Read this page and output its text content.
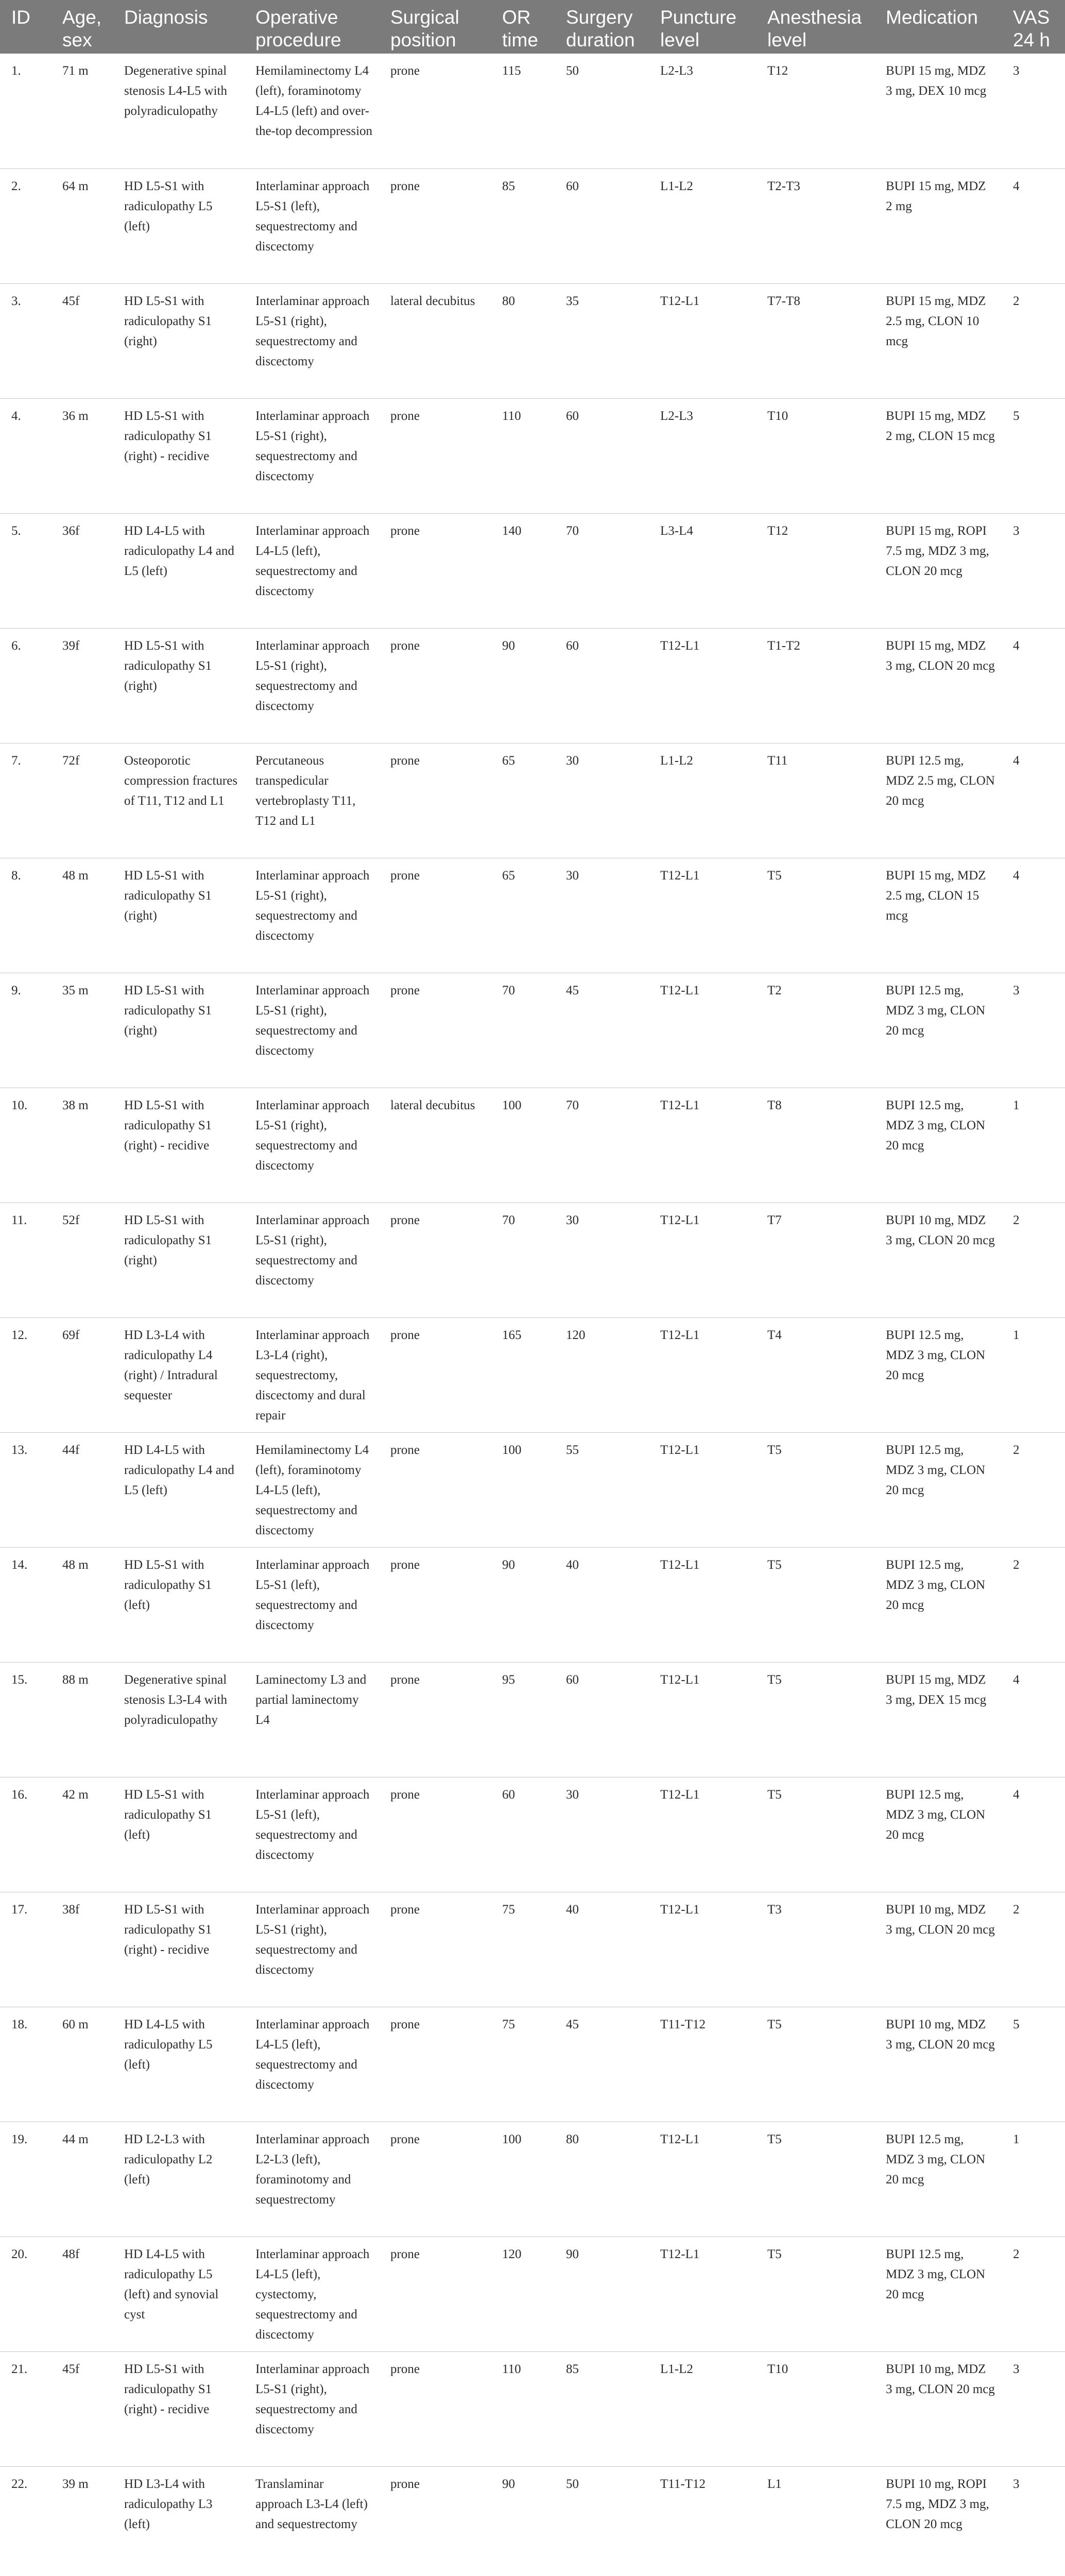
ID	Age, sex	Diagnosis	Operative procedure	Surgical position	OR time	Surgery duration	Puncture level	Anesthesia level	Medication	VAS 24 h
1.	71 m	Degenerative spinal stenosis L4-L5 with polyradiculopathy	Hemilaminectomy L4 (left), foraminotomy L4-L5 (left) and over-the-top decompression	prone	115	50	L2-L3	T12	BUPI 15 mg, MDZ 3 mg, DEX 10 mcg	3
2.	64 m	HD L5-S1 with radiculopathy L5 (left)	Interlaminar approach L5-S1 (left), sequestrectomy and discectomy	prone	85	60	L1-L2	T2-T3	BUPI 15 mg, MDZ 2 mg	4
3.	45f	HD L5-S1 with radiculopathy S1 (right)	Interlaminar approach L5-S1 (right), sequestrectomy and discectomy	lateral decubitus	80	35	T12-L1	T7-T8	BUPI 15 mg, MDZ 2.5 mg, CLON 10 mcg	2
4.	36 m	HD L5-S1 with radiculopathy S1 (right) - recidive	Interlaminar approach L5-S1 (right), sequestrectomy and discectomy	prone	110	60	L2-L3	T10	BUPI 15 mg, MDZ 2 mg, CLON 15 mcg	5
5.	36f	HD L4-L5 with radiculopathy L4 and L5 (left)	Interlaminar approach L4-L5 (left), sequestrectomy and discectomy	prone	140	70	L3-L4	T12	BUPI 15 mg, ROPI 7.5 mg, MDZ 3 mg, CLON 20 mcg	3
6.	39f	HD L5-S1 with radiculopathy S1 (right)	Interlaminar approach L5-S1 (right), sequestrectomy and discectomy	prone	90	60	T12-L1	T1-T2	BUPI 15 mg, MDZ 3 mg, CLON 20 mcg	4
7.	72f	Osteoporotic compression fractures of T11, T12 and L1	Percutaneous transpedicular vertebroplasty T11, T12 and L1	prone	65	30	L1-L2	T11	BUPI 12.5 mg, MDZ 2.5 mg, CLON 20 mcg	4
8.	48 m	HD L5-S1 with radiculopathy S1 (right)	Interlaminar approach L5-S1 (right), sequestrectomy and discectomy	prone	65	30	T12-L1	T5	BUPI 15 mg, MDZ 2.5 mg, CLON 15 mcg	4
9.	35 m	HD L5-S1 with radiculopathy S1 (right)	Interlaminar approach L5-S1 (right), sequestrectomy and discectomy	prone	70	45	T12-L1	T2	BUPI 12.5 mg, MDZ 3 mg, CLON 20 mcg	3
10.	38 m	HD L5-S1 with radiculopathy S1 (right) - recidive	Interlaminar approach L5-S1 (right), sequestrectomy and discectomy	lateral decubitus	100	70	T12-L1	T8	BUPI 12.5 mg, MDZ 3 mg, CLON 20 mcg	1
11.	52f	HD L5-S1 with radiculopathy S1 (right)	Interlaminar approach L5-S1 (right), sequestrectomy and discectomy	prone	70	30	T12-L1	T7	BUPI 10 mg, MDZ 3 mg, CLON 20 mcg	2
12.	69f	HD L3-L4 with radiculopathy L4 (right) / Intradural sequester	Interlaminar approach L3-L4 (right), sequestrectomy, discectomy and dural repair	prone	165	120	T12-L1	T4	BUPI 12.5 mg, MDZ 3 mg, CLON 20 mcg	1
13.	44f	HD L4-L5 with radiculopathy L4 and L5 (left)	Hemilaminectomy L4 (left), foraminotomy L4-L5 (left), sequestrectomy and discectomy	prone	100	55	T12-L1	T5	BUPI 12.5 mg, MDZ 3 mg, CLON 20 mcg	2
14.	48 m	HD L5-S1 with radiculopathy S1 (left)	Interlaminar approach L5-S1 (left), sequestrectomy and discectomy	prone	90	40	T12-L1	T5	BUPI 12.5 mg, MDZ 3 mg, CLON 20 mcg	2
15.	88 m	Degenerative spinal stenosis L3-L4 with polyradiculopathy	Laminectomy L3 and partial laminectomy L4	prone	95	60	T12-L1	T5	BUPI 15 mg, MDZ 3 mg, DEX 15 mcg	4
16.	42 m	HD L5-S1 with radiculopathy S1 (left)	Interlaminar approach L5-S1 (left), sequestrectomy and discectomy	prone	60	30	T12-L1	T5	BUPI 12.5 mg, MDZ 3 mg, CLON 20 mcg	4
17.	38f	HD L5-S1 with radiculopathy S1 (right) - recidive	Interlaminar approach L5-S1 (right), sequestrectomy and discectomy	prone	75	40	T12-L1	T3	BUPI 10 mg, MDZ 3 mg, CLON 20 mcg	2
18.	60 m	HD L4-L5 with radiculopathy L5 (left)	Interlaminar approach L4-L5 (left), sequestrectomy and discectomy	prone	75	45	T11-T12	T5	BUPI 10 mg, MDZ 3 mg, CLON 20 mcg	5
19.	44 m	HD L2-L3 with radiculopathy L2 (left)	Interlaminar approach L2-L3 (left), foraminotomy and sequestrectomy	prone	100	80	T12-L1	T5	BUPI 12.5 mg, MDZ 3 mg, CLON 20 mcg	1
20.	48f	HD L4-L5 with radiculopathy L5 (left) and synovial cyst	Interlaminar approach L4-L5 (left), cystectomy, sequestrectomy and discectomy	prone	120	90	T12-L1	T5	BUPI 12.5 mg, MDZ 3 mg, CLON 20 mcg	2
21.	45f	HD L5-S1 with radiculopathy S1 (right) - recidive	Interlaminar approach L5-S1 (right), sequestrectomy and discectomy	prone	110	85	L1-L2	T10	BUPI 10 mg, MDZ 3 mg, CLON 20 mcg	3
22.	39 m	HD L3-L4 with radiculopathy L3 (left)	Translaminar approach L3-L4 (left) and sequestrectomy	prone	90	50	T11-T12	L1	BUPI 10 mg, ROPI 7.5 mg, MDZ 3 mg, CLON 20 mcg	3
